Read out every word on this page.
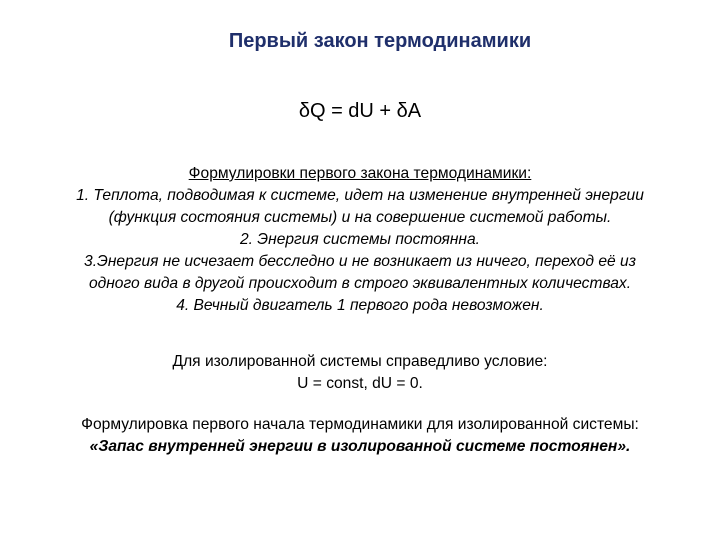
Первый закон термодинамики
δQ = dU + δA
Формулировки первого закона термодинамики:
1. Теплота, подводимая к системе, идет на изменение внутренней энергии
(функция состояния системы) и на совершение системой работы.
2. Энергия системы постоянна.
3.Энергия не исчезает бесследно и не возникает из ничего, переход её из
одного вида в другой происходит в строго эквивалентных количествах.
4. Вечный двигатель 1 первого рода невозможен.
Для изолированной системы справедливо условие:
U = const, dU = 0.
Формулировка первого начала термодинамики для изолированной системы:
«Запас внутренней энергии в изолированной системе постоянен».
